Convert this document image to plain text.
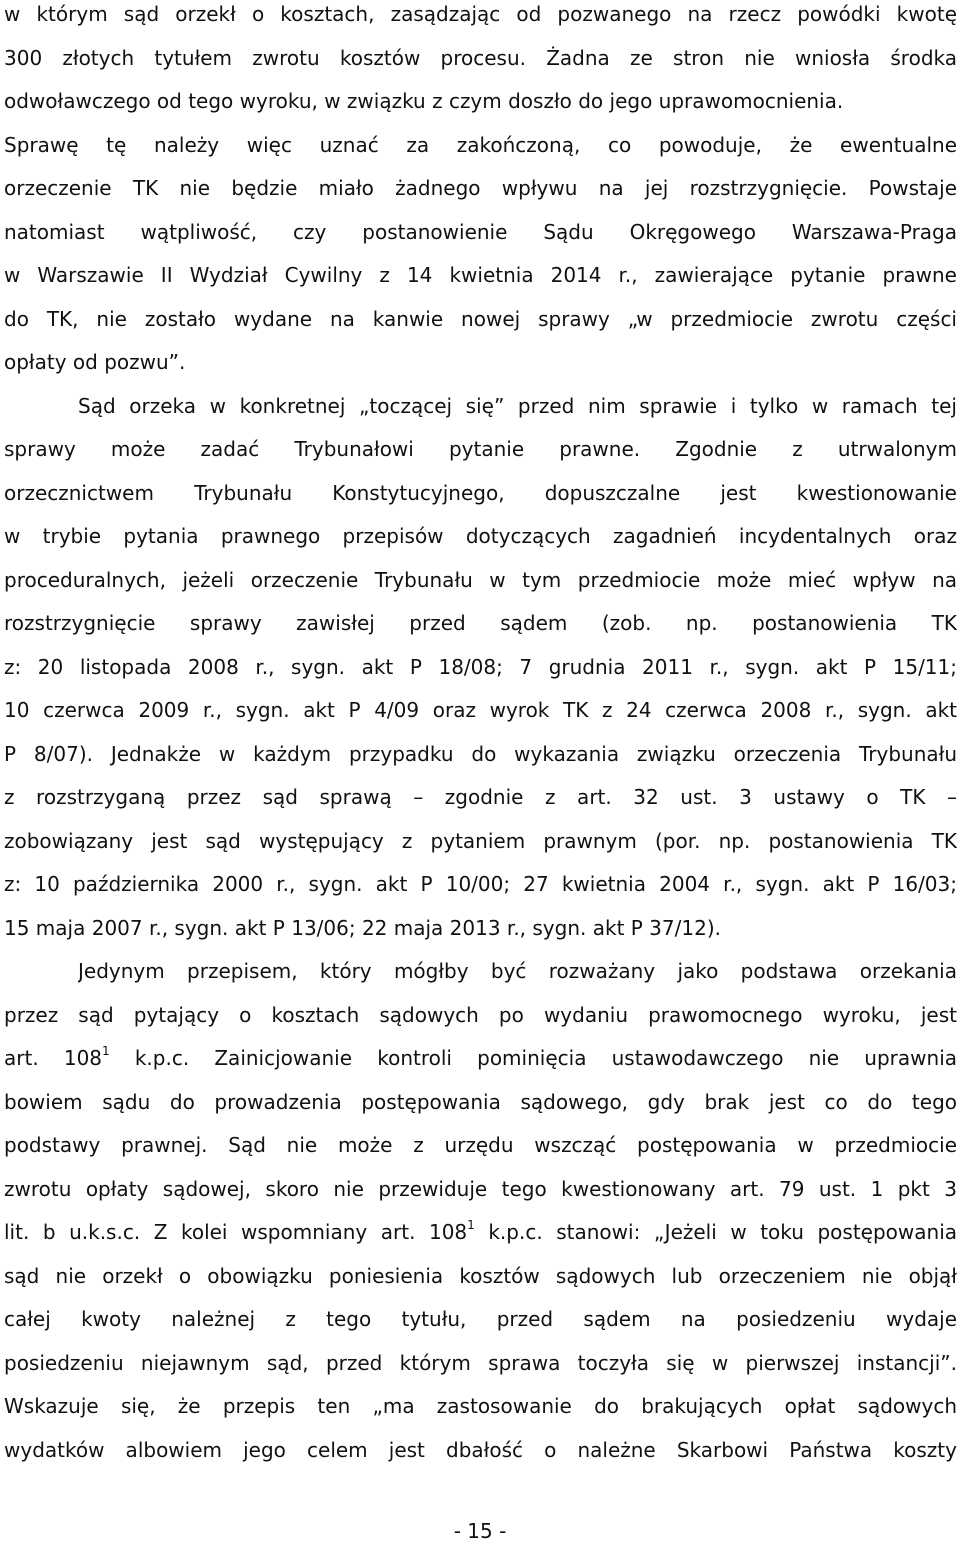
w którym sąd orzekł o kosztach, zasądzając od pozwanego na rzecz powódki kwotę
300 złotych tytułem zwrotu kosztów procesu. Żadna ze stron nie wniosła środka
odwoławczego od tego wyroku, w związku z czym doszło do jego uprawomocnienia.
Sprawę tę należy więc uznać za zakończoną, co powoduje, że ewentualne
orzeczenie TK nie będzie miało żadnego wpływu na jej rozstrzygnięcie. Powstaje
natomiast wątpliwość, czy postanowienie Sądu Okręgowego Warszawa-Praga
w Warszawie II Wydział Cywilny z 14 kwietnia 2014 r., zawierające pytanie prawne
do TK, nie zostało wydane na kanwie nowej sprawy „w przedmiocie zwrotu części
opłaty od pozwu”.
Sąd orzeka w konkretnej „toczącej się” przed nim sprawie i tylko w ramach tej
sprawy może zadać Trybunałowi pytanie prawne. Zgodnie z utrwalonym
orzecznictwem Trybunału Konstytucyjnego, dopuszczalne jest kwestionowanie
w trybie pytania prawnego przepisów dotyczących zagadnień incydentalnych oraz
proceduralnych, jeżeli orzeczenie Trybunału w tym przedmiocie może mieć wpływ na
rozstrzygnięcie sprawy zawisłej przed sądem (zob. np. postanowienia TK
z: 20 listopada 2008 r., sygn. akt P 18/08; 7 grudnia 2011 r., sygn. akt P 15/11;
10 czerwca 2009 r., sygn. akt P 4/09 oraz wyrok TK z 24 czerwca 2008 r., sygn. akt
P 8/07). Jednakże w każdym przypadku do wykazania związku orzeczenia Trybunału
z rozstrzyganą przez sąd sprawą – zgodnie z art. 32 ust. 3 ustawy o TK –
zobowiązany jest sąd występujący z pytaniem prawnym (por. np. postanowienia TK
z: 10 października 2000 r., sygn. akt P 10/00; 27 kwietnia 2004 r., sygn. akt P 16/03;
15 maja 2007 r., sygn. akt P 13/06; 22 maja 2013 r., sygn. akt P 37/12).
Jedynym przepisem, który mógłby być rozważany jako podstawa orzekania
przez sąd pytający o kosztach sądowych po wydaniu prawomocnego wyroku, jest
art. $108^1$ k.p.c. Zainicjowanie kontroli pominięcia ustawodawczego nie uprawnia
bowiem sądu do prowadzenia postępowania sądowego, gdy brak jest co do tego
podstawy prawnej. Sąd nie może z urzędu wszcząć postępowania w przedmiocie
zwrotu opłaty sądowej, skoro nie przewiduje tego kwestionowany art. 79 ust. 1 pkt 3
lit. b u.k.s.c. Z kolei wspomniany art. $108^1$ k.p.c. stanowi: „Jeżeli w toku postępowania
sąd nie orzekł o obowiązku poniesienia kosztów sądowych lub orzeczeniem nie objął
całej kwoty należnej z tego tytułu, przed sądem na posiedzeniu wydaje
posiedzeniu niejawnym sąd, przed którym sprawa toczyła się w pierwszej instancji”.
Wskazuje się, że przepis ten „ma zastosowanie do brakujących opłat sądowych
wydatków albowiem jego celem jest dbałość o należne Skarbowi Państwa koszty
- 15 -
